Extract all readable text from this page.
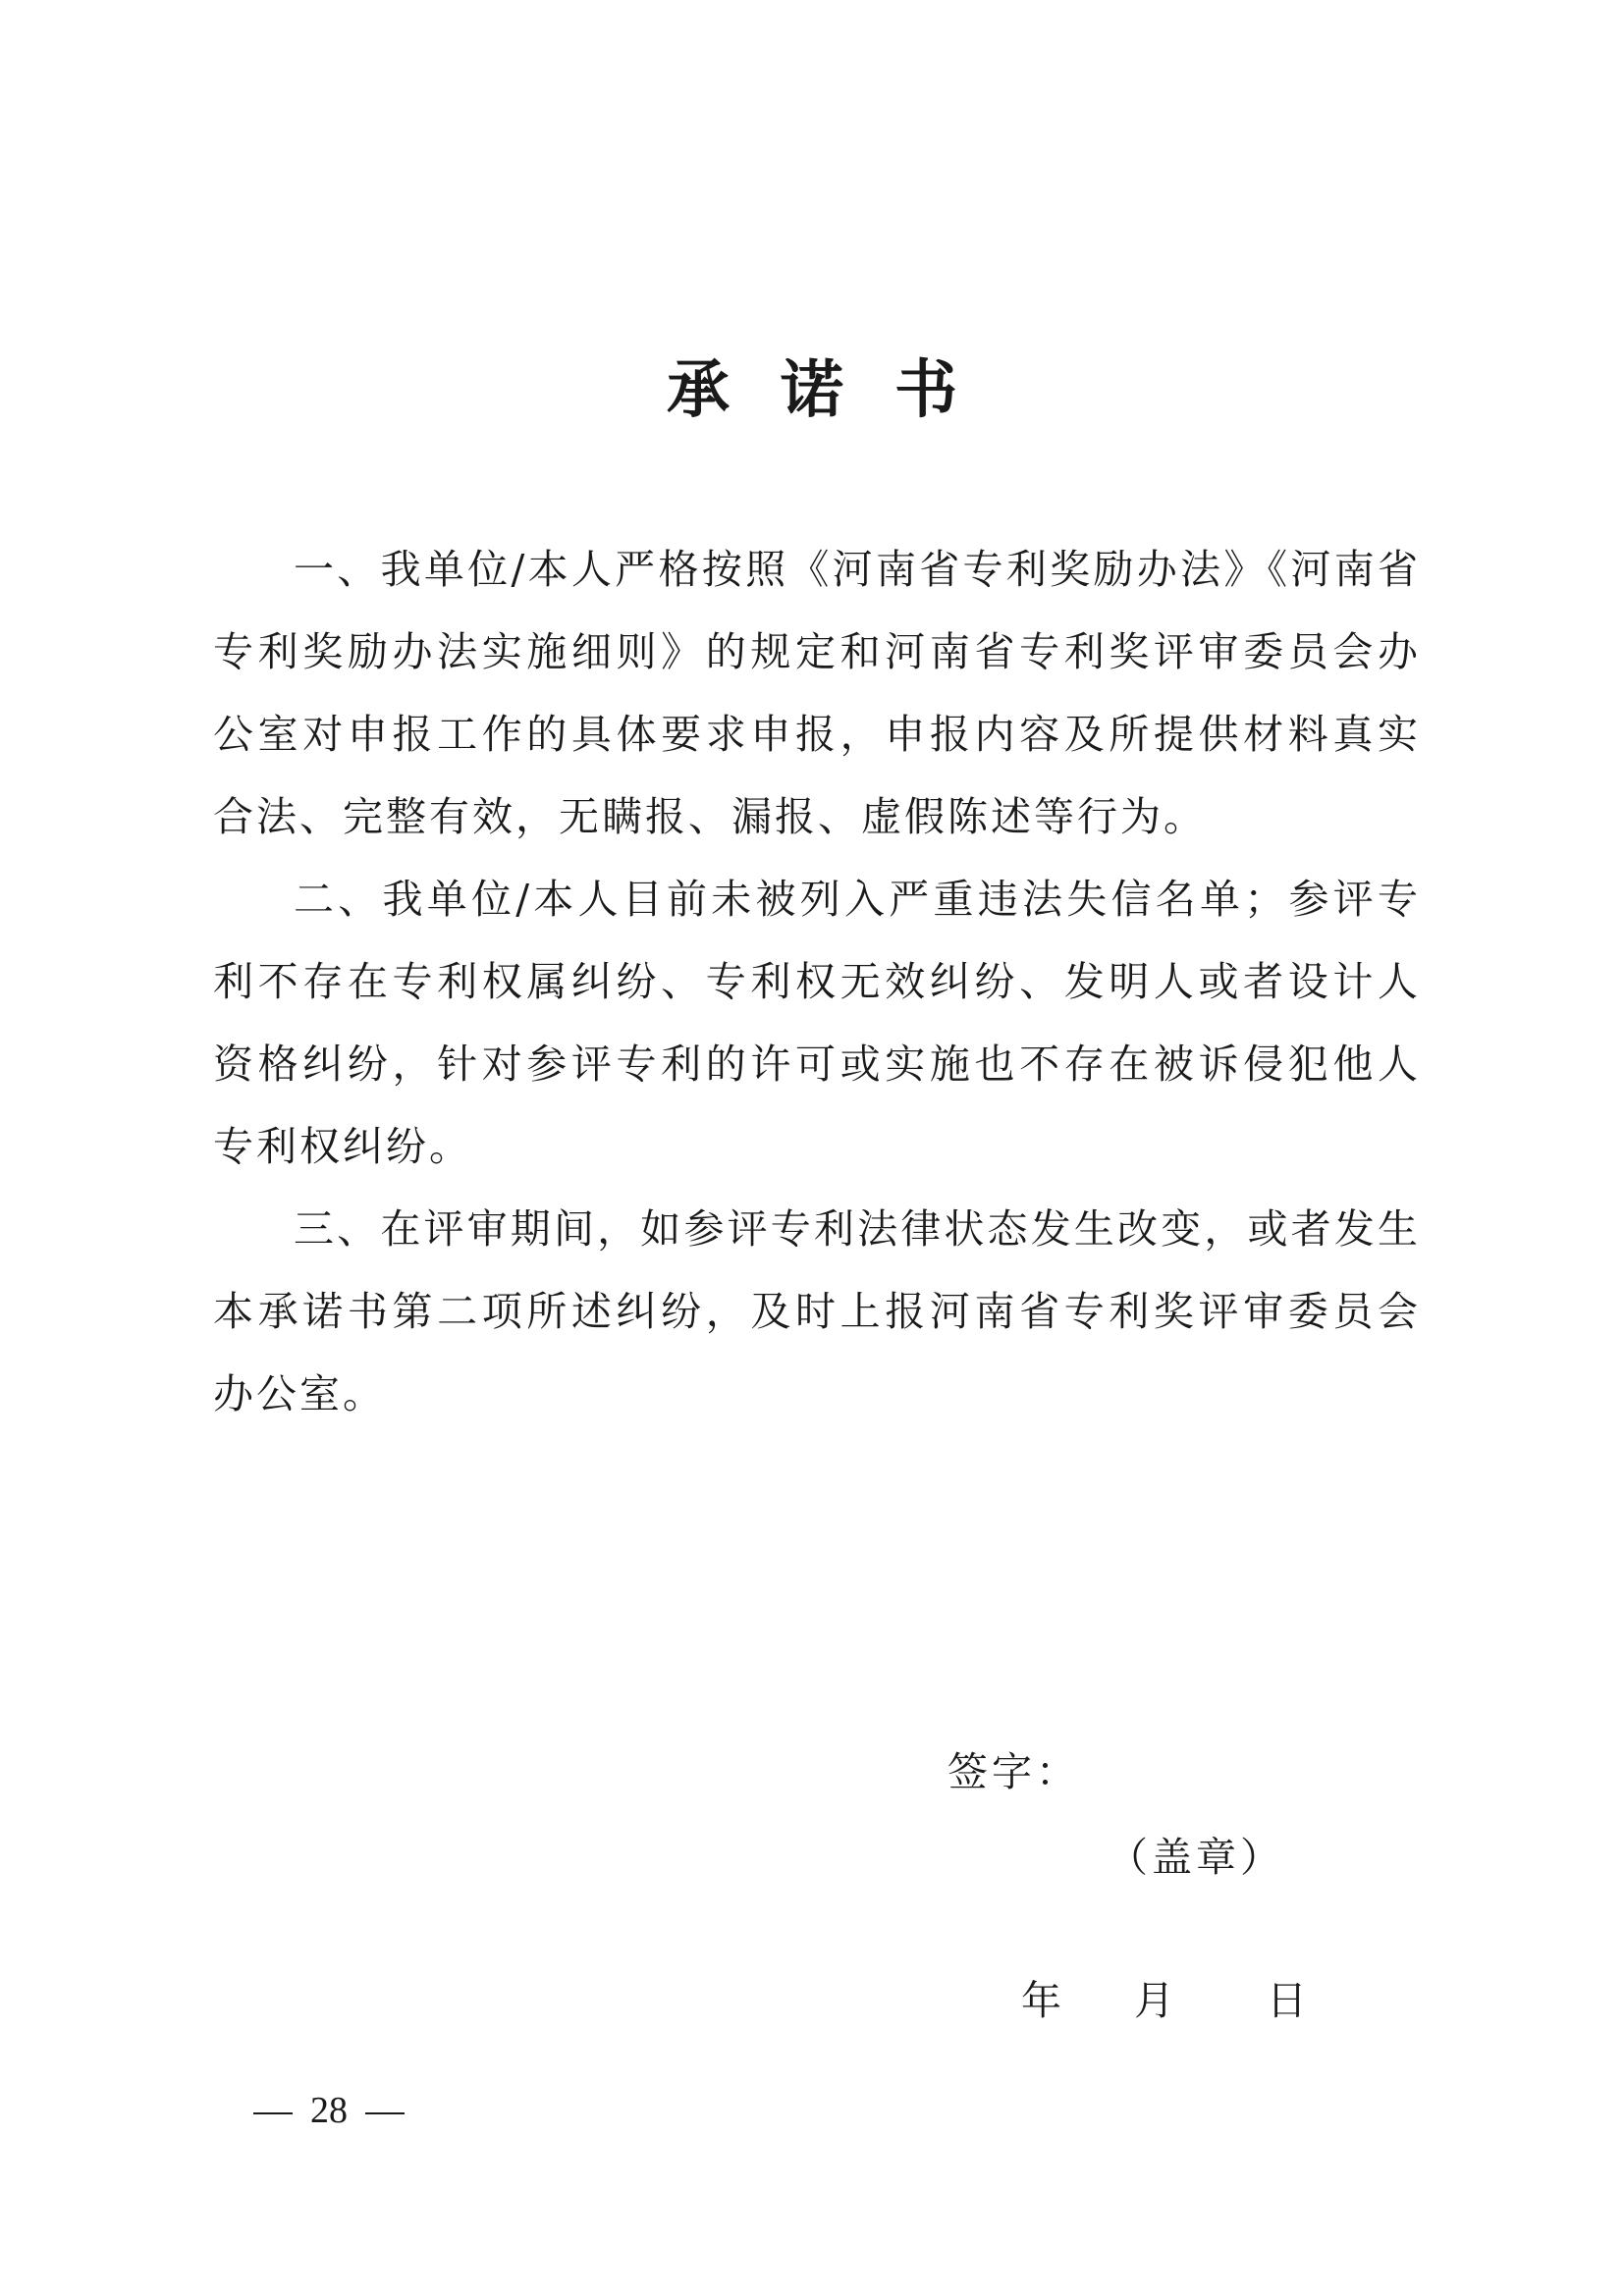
承诺书

一、我单位/本人严格按照《河南省专利奖励办法》《河南省专利奖励办法实施细则》的规定和河南省专利奖评审委员会办公室对申报工作的具体要求申报，申报内容及所提供材料真实合法、完整有效，无瞒报、漏报、虚假陈述等行为。

二、我单位/本人目前未被列入严重违法失信名单；参评专利不存在专利权属纠纷、专利权无效纠纷、发明人或者设计人资格纠纷，针对参评专利的许可或实施也不存在被诉侵犯他人专利权纠纷。

三、在评审期间，如参评专利法律状态发生改变，或者发生本承诺书第二项所述纠纷，及时上报河南省专利奖评审委员会办公室。

签字：
（盖章）
年 月 日
28
